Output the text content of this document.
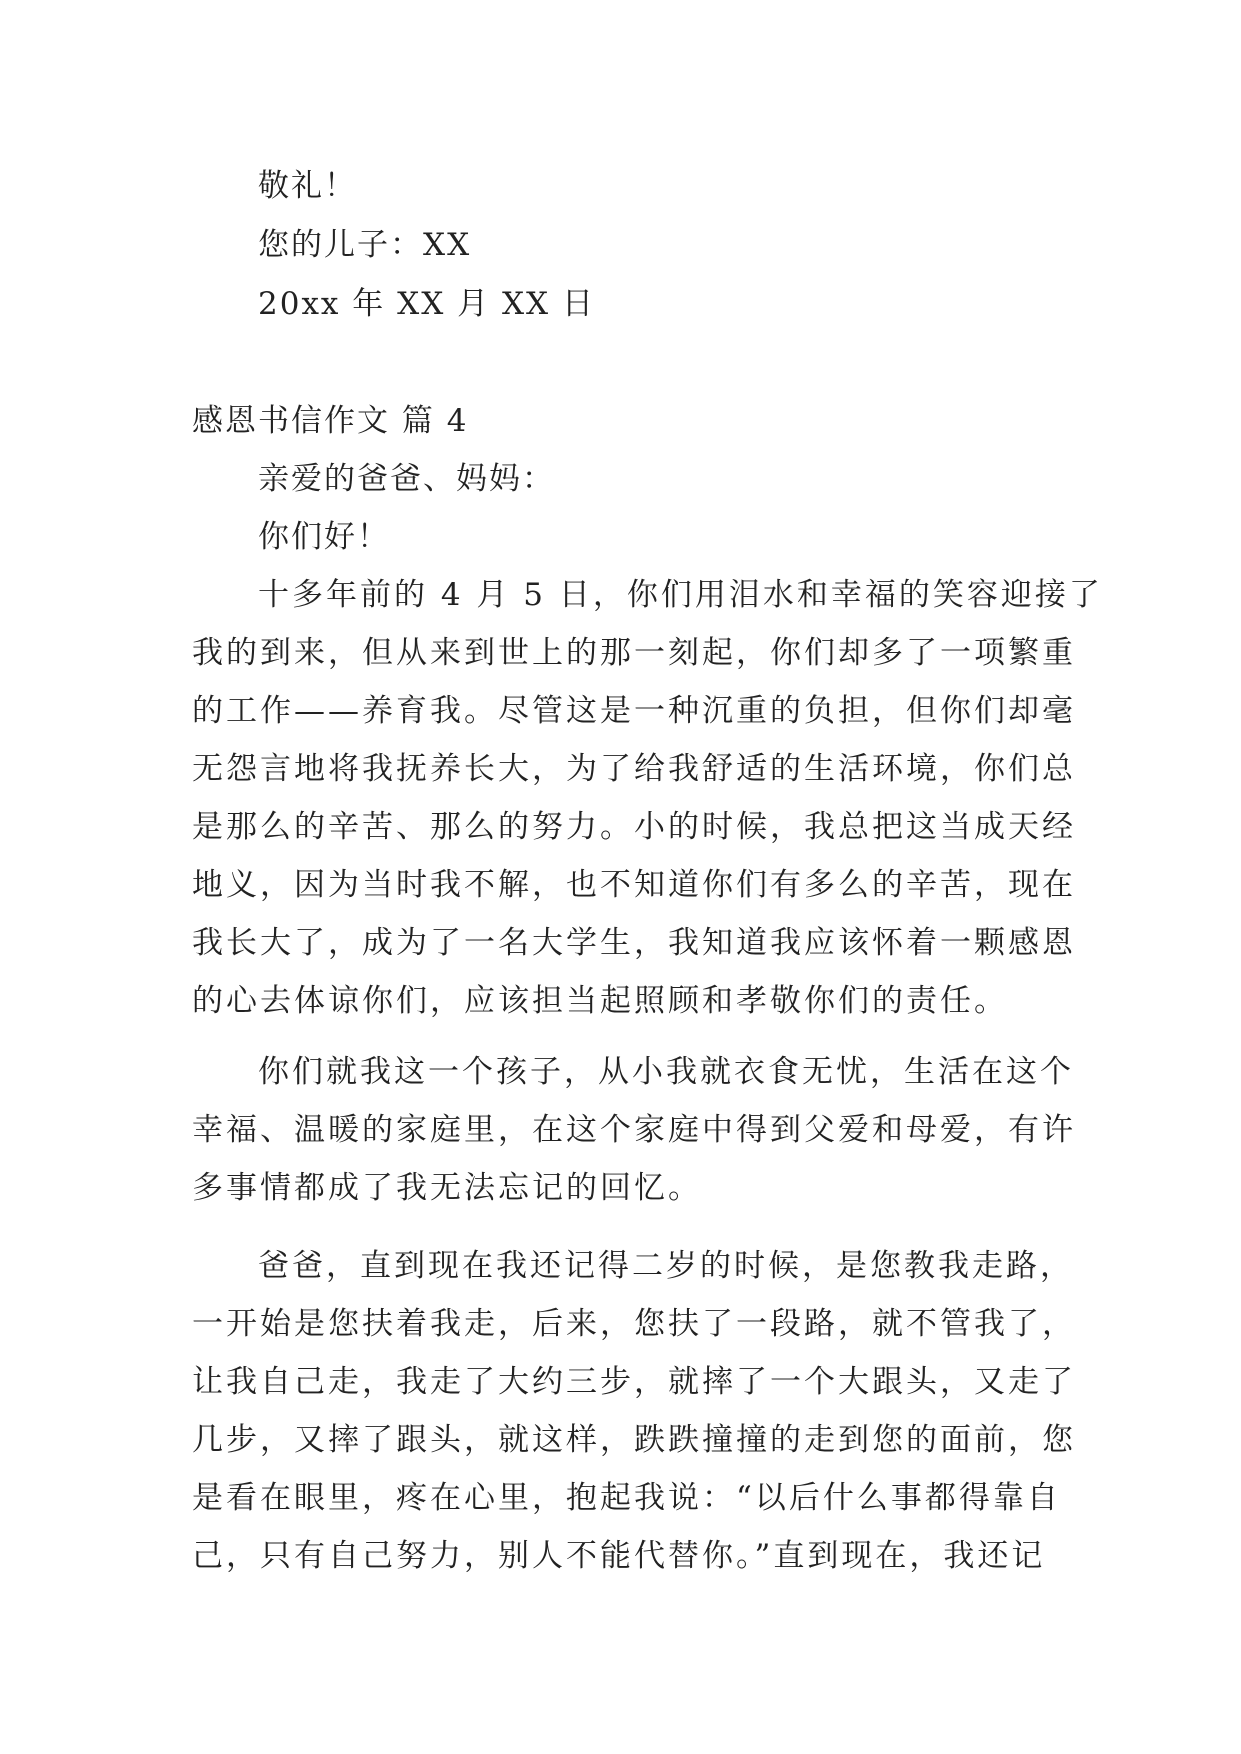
敬礼！
您的儿子：XX
20xx 年 XX 月 XX 日
感恩书信作文 篇 4
亲爱的爸爸、妈妈：
你们好！
十多年前的 4 月 5 日，你们用泪水和幸福的笑容迎接了
我的到来，但从来到世上的那一刻起，你们却多了一项繁重
的工作——养育我。尽管这是一种沉重的负担，但你们却毫
无怨言地将我抚养长大，为了给我舒适的生活环境，你们总
是那么的辛苦、那么的努力。小的时候，我总把这当成天经
地义，因为当时我不解，也不知道你们有多么的辛苦，现在
我长大了，成为了一名大学生，我知道我应该怀着一颗感恩
的心去体谅你们，应该担当起照顾和孝敬你们的责任。
你们就我这一个孩子，从小我就衣食无忧，生活在这个
幸福、温暖的家庭里，在这个家庭中得到父爱和母爱，有许
多事情都成了我无法忘记的回忆。
爸爸，直到现在我还记得二岁的时候，是您教我走路，
一开始是您扶着我走，后来，您扶了一段路，就不管我了，
让我自己走，我走了大约三步，就摔了一个大跟头，又走了
几步，又摔了跟头，就这样，跌跌撞撞的走到您的面前，您
是看在眼里，疼在心里，抱起我说：“以后什么事都得靠自
己，只有自己努力，别人不能代替你。”直到现在，我还记
